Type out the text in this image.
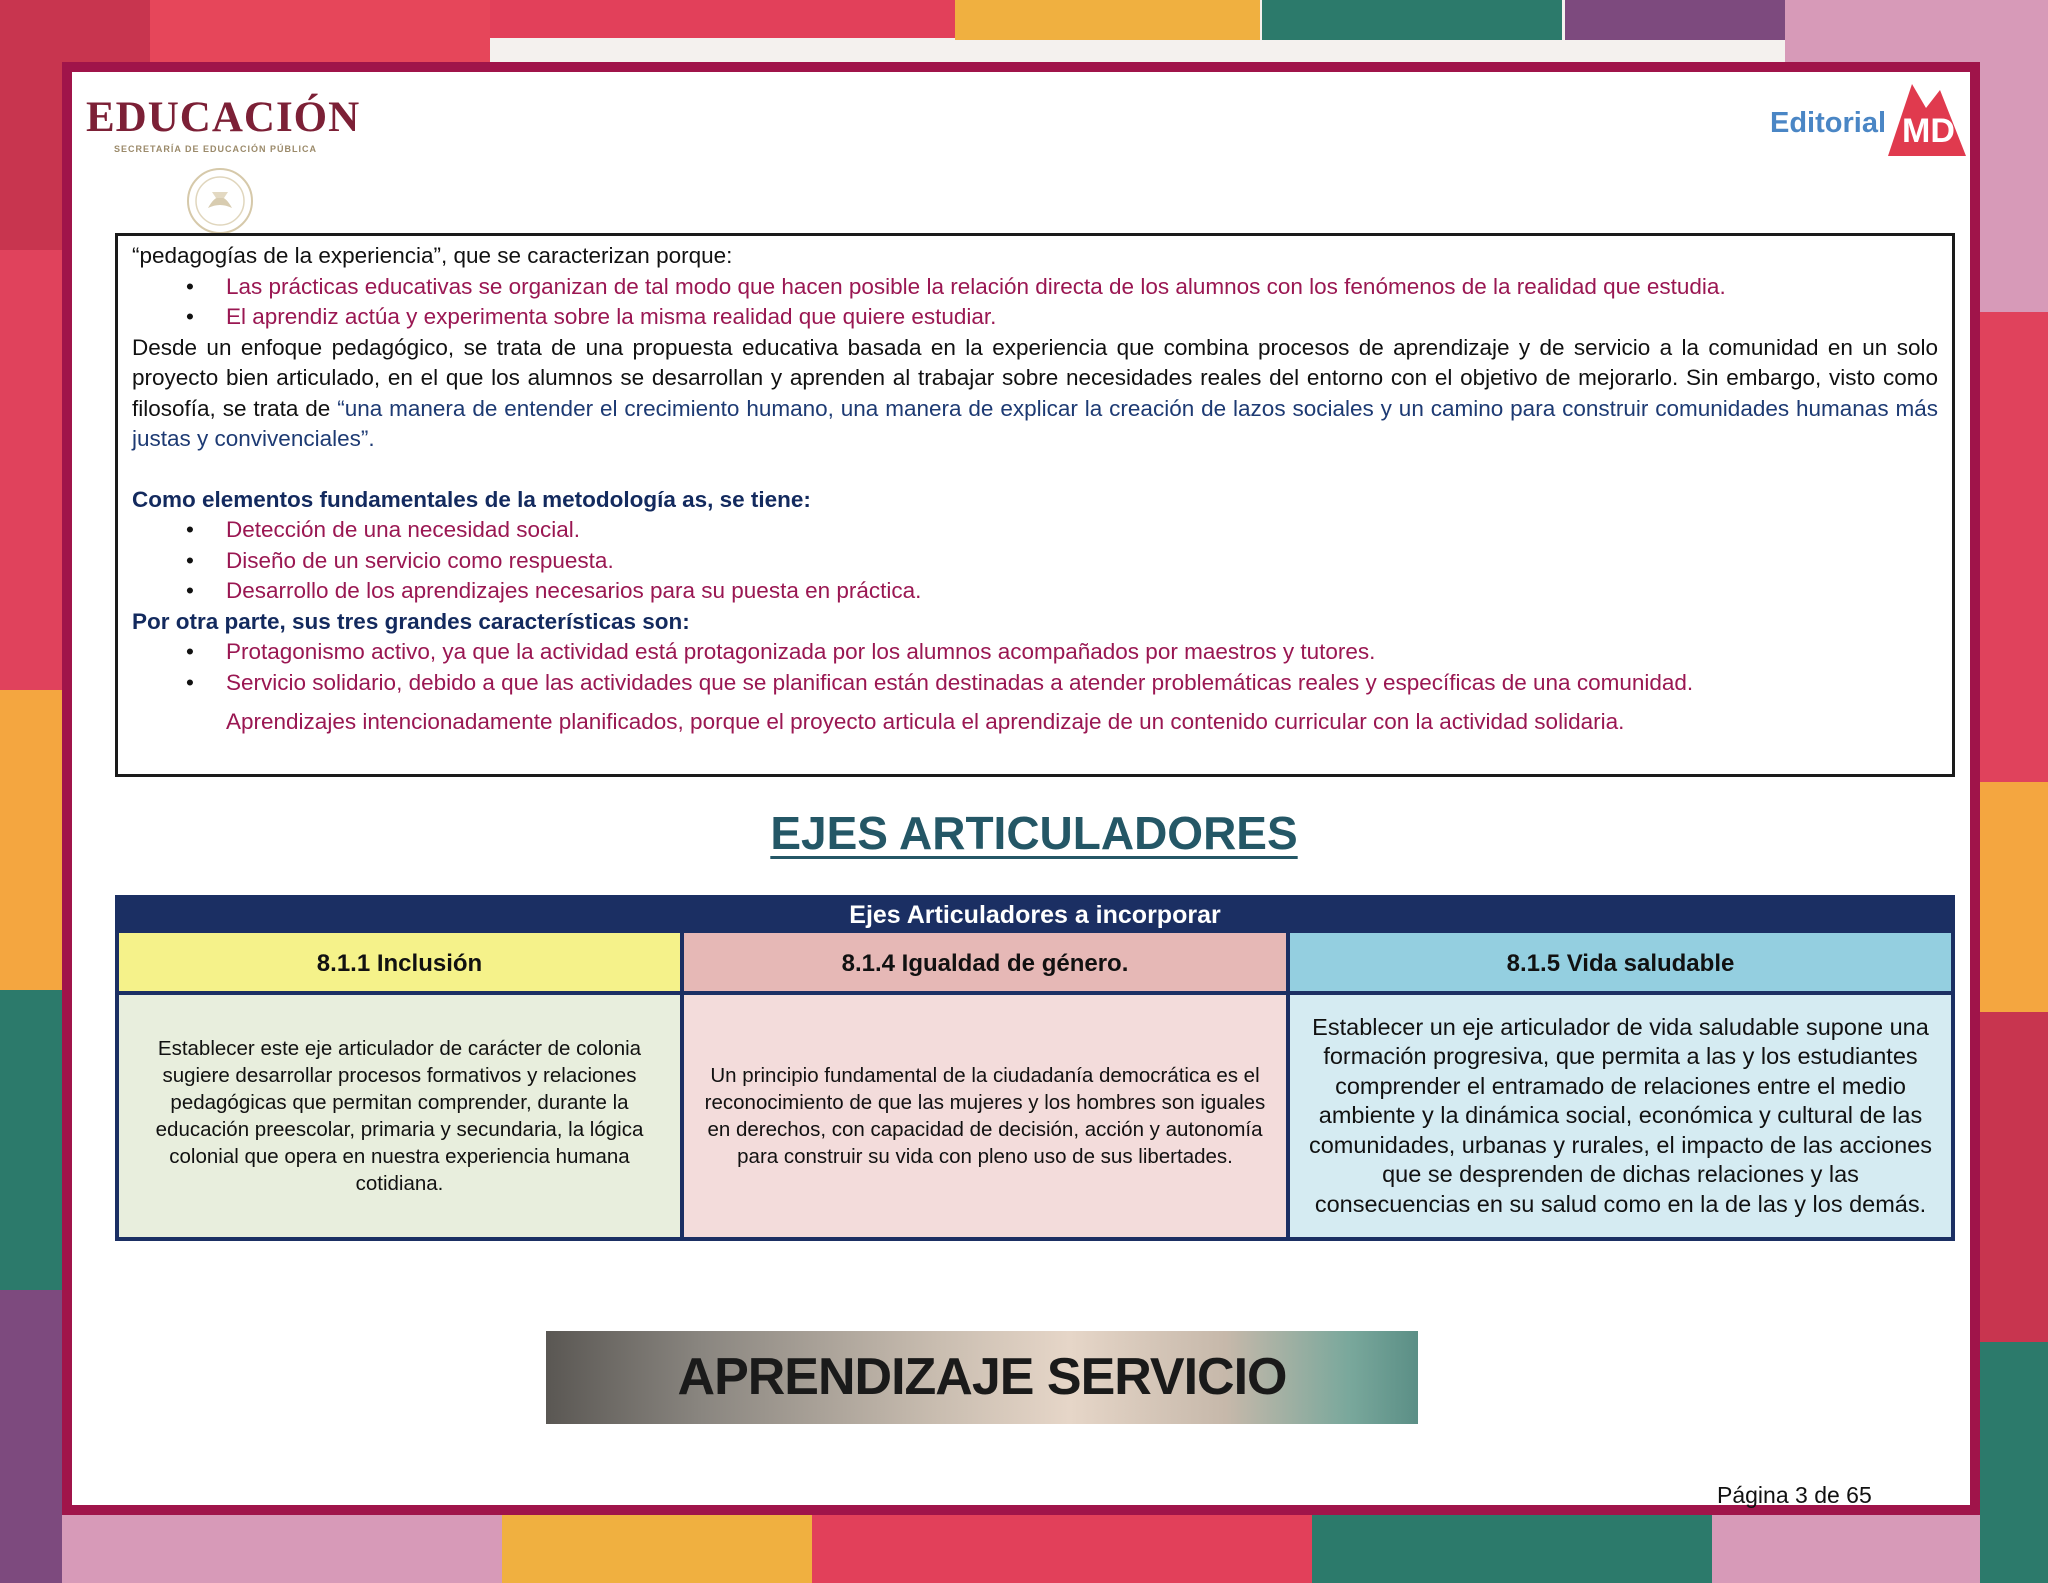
EDUCACIÓN
SECRETARÍA DE EDUCACIÓN PÚBLICA
Editorial MD

“pedagogías de la experiencia”, que se caracterizan porque:

• Las prácticas educativas se organizan de tal modo que hacen posible la relación directa de los alumnos con los fenómenos de la realidad que estudia.

• El aprendiz actúa y experimenta sobre la misma realidad que quiere estudiar.

Desde un enfoque pedagógico, se trata de una propuesta educativa basada en la experiencia que combina procesos de aprendizaje y de servicio a la comunidad en un solo proyecto bien articulado, en el que los alumnos se desarrollan y aprenden al trabajar sobre necesidades reales del entorno con el objetivo de mejorarlo. Sin embargo, visto como filosofía, se trata de “una manera de entender el crecimiento humano, una manera de explicar la creación de lazos sociales y un camino para construir comunidades humanas más justas y convivenciales”.

Como elementos fundamentales de la metodología as, se tiene:

• Detección de una necesidad social.

• Diseño de un servicio como respuesta.

• Desarrollo de los aprendizajes necesarios para su puesta en práctica.

Por otra parte, sus tres grandes características son:

• Protagonismo activo, ya que la actividad está protagonizada por los alumnos acompañados por maestros y tutores.

• Servicio solidario, debido a que las actividades que se planifican están destinadas a atender problemáticas reales y específicas de una comunidad.

Aprendizajes intencionadamente planificados, porque el proyecto articula el aprendizaje de un contenido curricular con la actividad solidaria.

EJES ARTICULADORES
Ejes Articuladores a incorporar
8.1.1 Inclusión
Establecer este eje articulador de carácter de colonia sugiere desarrollar procesos formativos y relaciones pedagógicas que permitan comprender, durante la educación preescolar, primaria y secundaria, la lógica colonial que opera en nuestra experiencia humana cotidiana.
8.1.4 Igualdad de género.
Un principio fundamental de la ciudadanía democrática es el reconocimiento de que las mujeres y los hombres son iguales en derechos, con capacidad de decisión, acción y autonomía para construir su vida con pleno uso de sus libertades.
8.1.5 Vida saludable
Establecer un eje articulador de vida saludable supone una formación progresiva, que permita a las y los estudiantes comprender el entramado de relaciones entre el medio ambiente y la dinámica social, económica y cultural de las comunidades, urbanas y rurales, el impacto de las acciones que se desprenden de dichas relaciones y las consecuencias en su salud como en la de las y los demás.
APRENDIZAJE SERVICIO
Página 3 de 65
